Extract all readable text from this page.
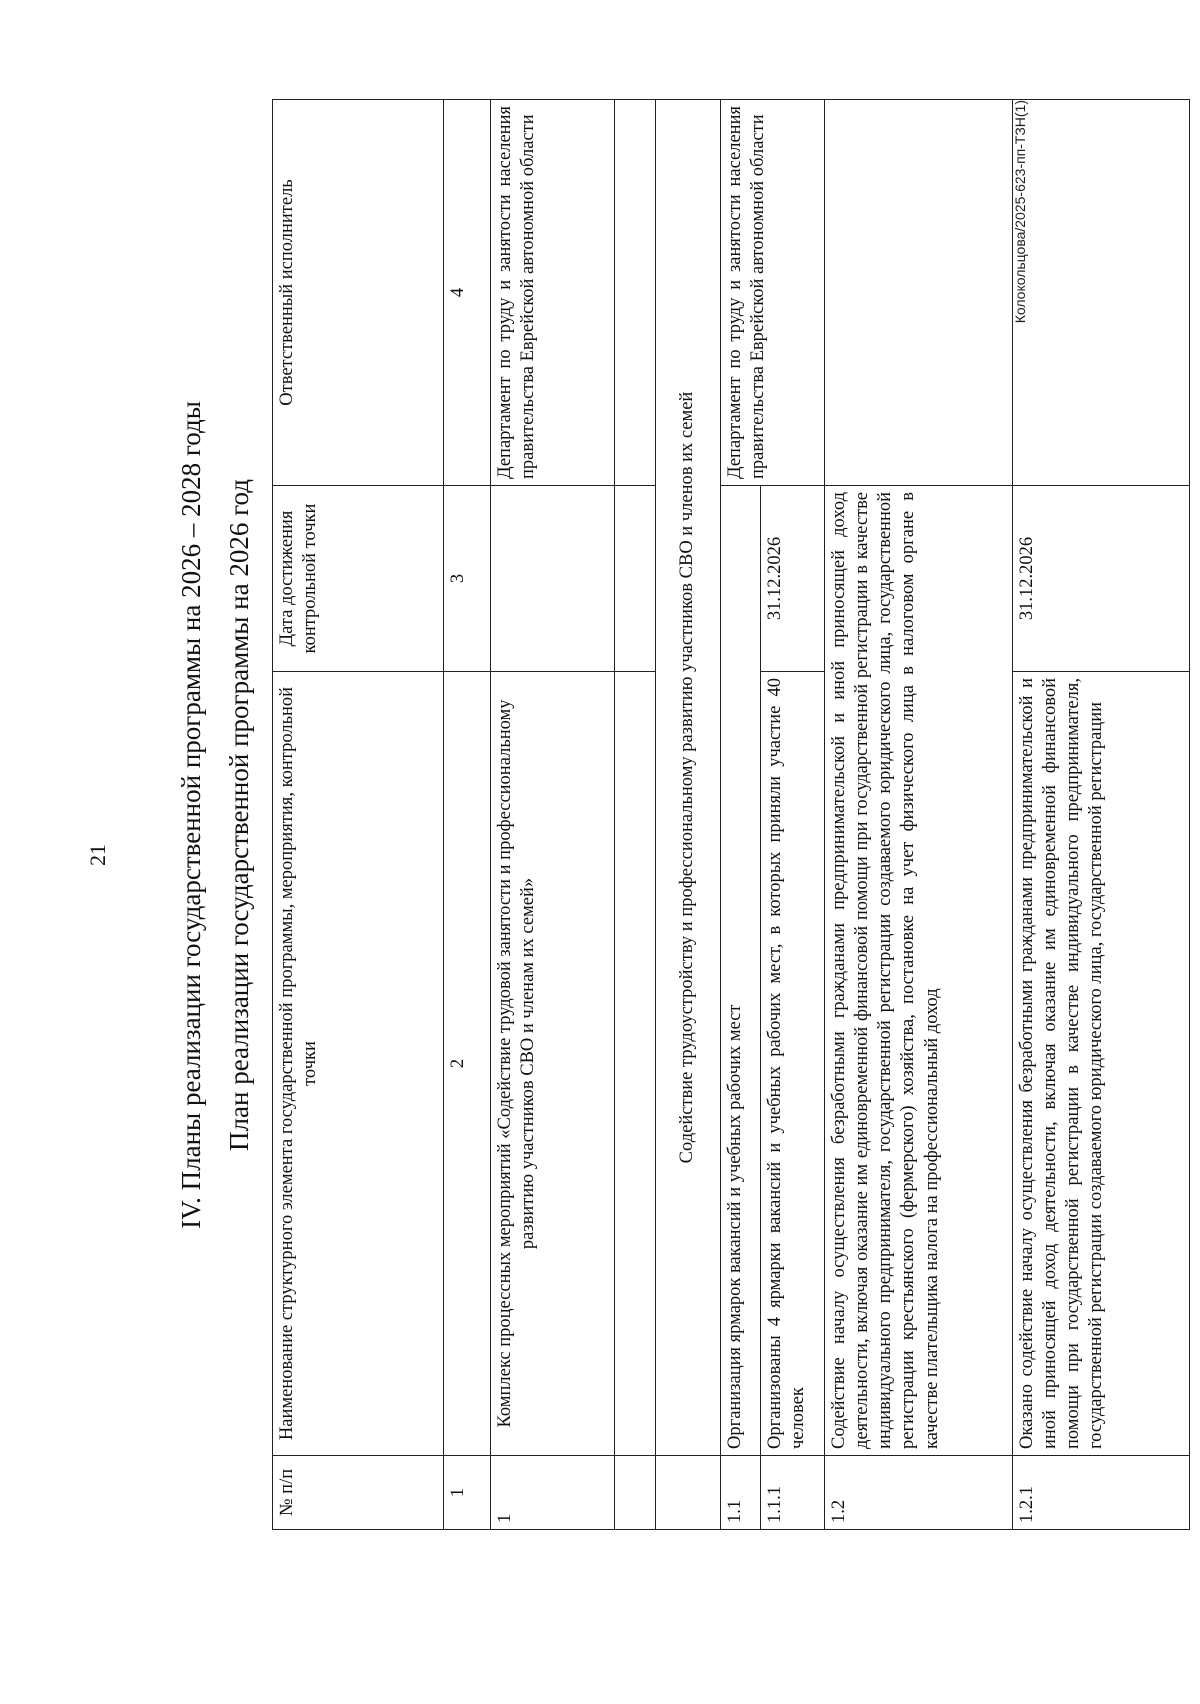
21
Колокольцова/2025-623-пп-ТЗН(1)
IV. Планы реализации государственной программы на 2026 – 2028 годы План реализации государственной программы на 2026 год
№ п/п	Наименование структурного элемента государственной программы, мероприятия, контрольной точки	Дата достижения контрольной точки	Ответственный исполнитель
1	2	3	4
1	Комплекс процессных мероприятий «Содействие трудовой занятости и профессиональному развитию участников СВО и членам их семей»		Департамент по труду и занятости населения правительства Еврейской автономной области

	Содействие трудоустройству и профессиональному развитию участников СВО и членов их семей		
1.1	Организация ярмарок вакансий и учебных рабочих мест		Департамент по труду и занятости населения правительства Еврейской автономной области
1.1.1	Организованы 4 ярмарки вакансий и учебных рабочих мест, в которых приняли участие 40 человек	31.12.2026	
1.2	Содействие началу осуществления безработными гражданами предпринимательской и иной приносящей доход деятельности, включая оказание им единовременной финансовой помощи при государственной регистрации в качестве индивидуального предпринимателя, государственной регистрации создаваемого юридического лица, государственной регистрации крестьянского (фермерского) хозяйства, постановке на учет физического лица в налоговом органе в качестве плательщика налога на профессиональный доход		
1.2.1	Оказано содействие началу осуществления безработными гражданами предпринимательской и иной приносящей доход деятельности, включая оказание им единовременной финансовой помощи при государственной регистрации в качестве индивидуального предпринимателя, государственной регистрации создаваемого юридического лица, государственной регистрации	31.12.2026	
